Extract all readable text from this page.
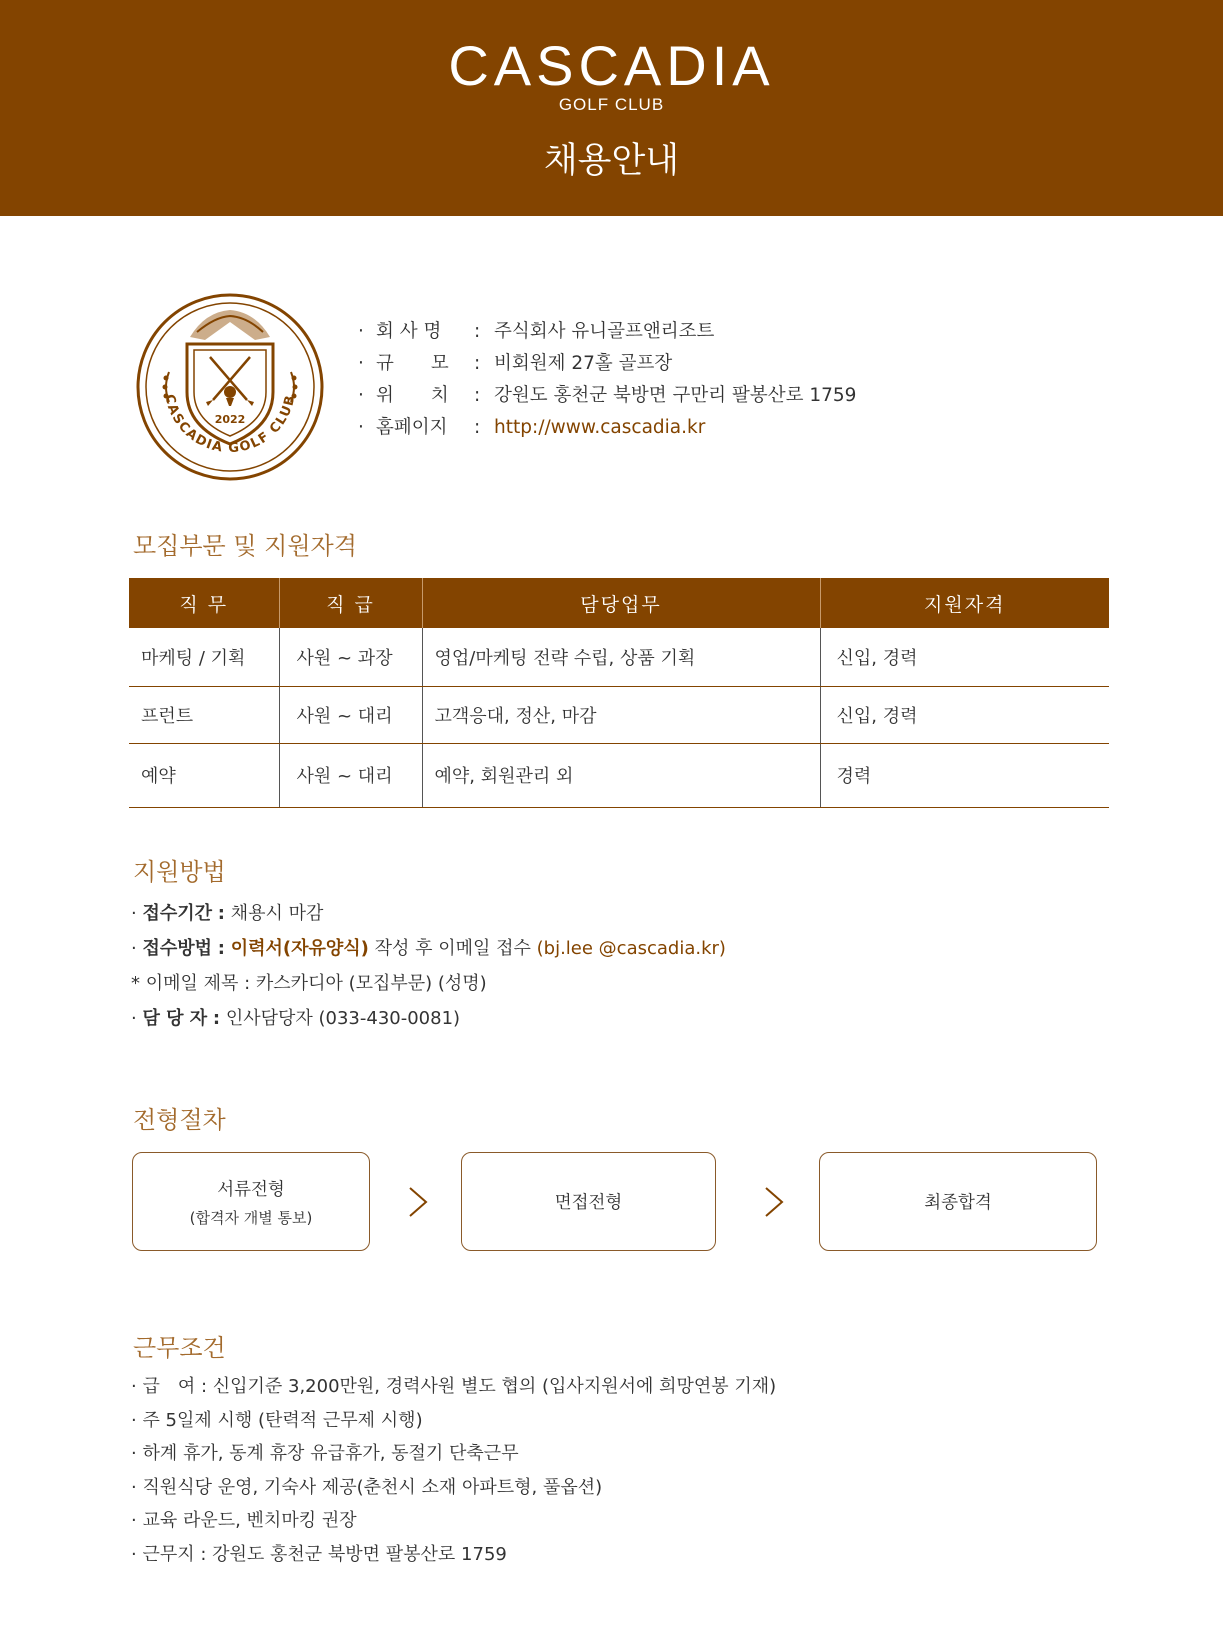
CASCADIA
GOLF CLUB
채용안내
2022
CASCADIA GOLF CLUB
· 회 사 명	: 주식회사 유니골프앤리조트
· 규　　모	: 비회원제 27홀 골프장
· 위　　치	: 강원도 홍천군 북방면 구만리 팔봉산로 1759
· 홈페이지	: http://www.cascadia.kr
모집부문 및 지원자격
직 무	직 급	담당업무	지원자격
마케팅 / 기획	사원 ~ 과장	영업/마케팅 전략 수립, 상품 기획	신입, 경력
프런트	사원 ~ 대리	고객응대, 정산, 마감	신입, 경력
예약	사원 ~ 대리	예약, 회원관리 외	경력
지원방법
· 접수기간 : 채용시 마감
· 접수방법 : 이력서(자유양식) 작성 후 이메일 접수 (bj.lee @cascadia.kr)
* 이메일 제목 : 카스카디아 (모집부문) (성명)
· 담 당 자 : 인사담당자 (033-430-0081)
전형절차
서류전형
(합격자 개별 통보)
면접전형	최종합격
근무조건
· 급　여 : 신입기준 3,200만원, 경력사원 별도 협의 (입사지원서에 희망연봉 기재)
· 주 5일제 시행 (탄력적 근무제 시행)
· 하계 휴가, 동계 휴장 유급휴가, 동절기 단축근무
· 직원식당 운영, 기숙사 제공(춘천시 소재 아파트형, 풀옵션)
· 교육 라운드, 벤치마킹 권장
· 근무지 : 강원도 홍천군 북방면 팔봉산로 1759
